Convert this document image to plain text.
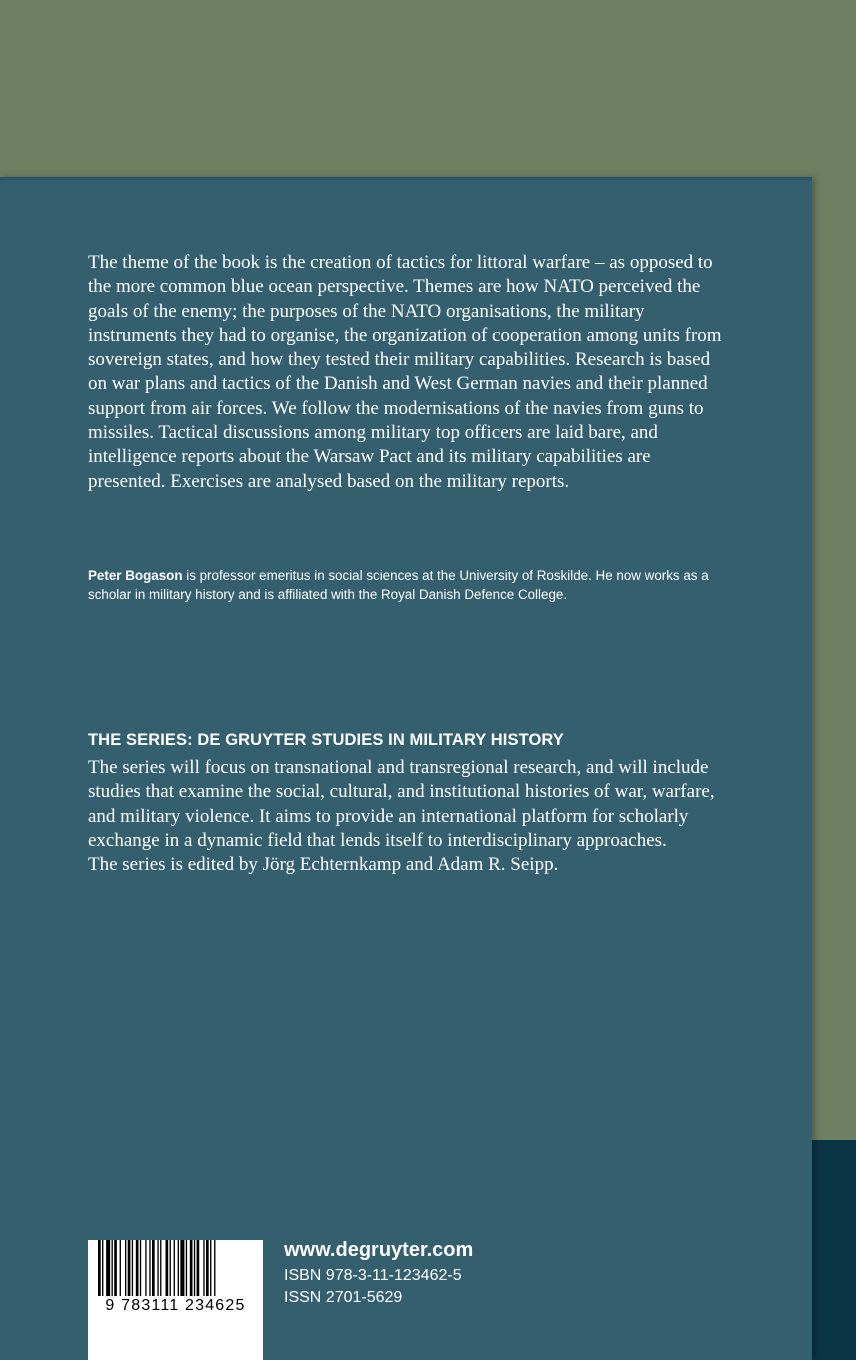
The theme of the book is the creation of tactics for littoral warfare – as opposed to the more common blue ocean perspective. Themes are how NATO perceived the goals of the enemy; the purposes of the NATO organisations, the military instruments they had to organise, the organization of cooperation among units from sovereign states, and how they tested their military capabilities. Research is based on war plans and tactics of the Danish and West German navies and their planned support from air forces. We follow the modernisations of the navies from guns to missiles. Tactical discussions among military top officers are laid bare, and intelligence reports about the Warsaw Pact and its military capabilities are presented. Exercises are analysed based on the military reports.

Peter Bogason is professor emeritus in social sciences at the University of Roskilde. He now works as a scholar in military history and is affiliated with the Royal Danish Defence College.

THE SERIES: DE GRUYTER STUDIES IN MILITARY HISTORY
The series will focus on transnational and transregional research, and will include studies that examine the social, cultural, and institutional histories of war, warfare, and military violence. It aims to provide an international platform for scholarly exchange in a dynamic field that lends itself to interdisciplinary approaches.
The series is edited by Jörg Echternkamp and Adam R. Seipp.
9 783111 234625

www.degruyter.com

ISBN 978-3-11-123462-5

ISSN 2701-5629
